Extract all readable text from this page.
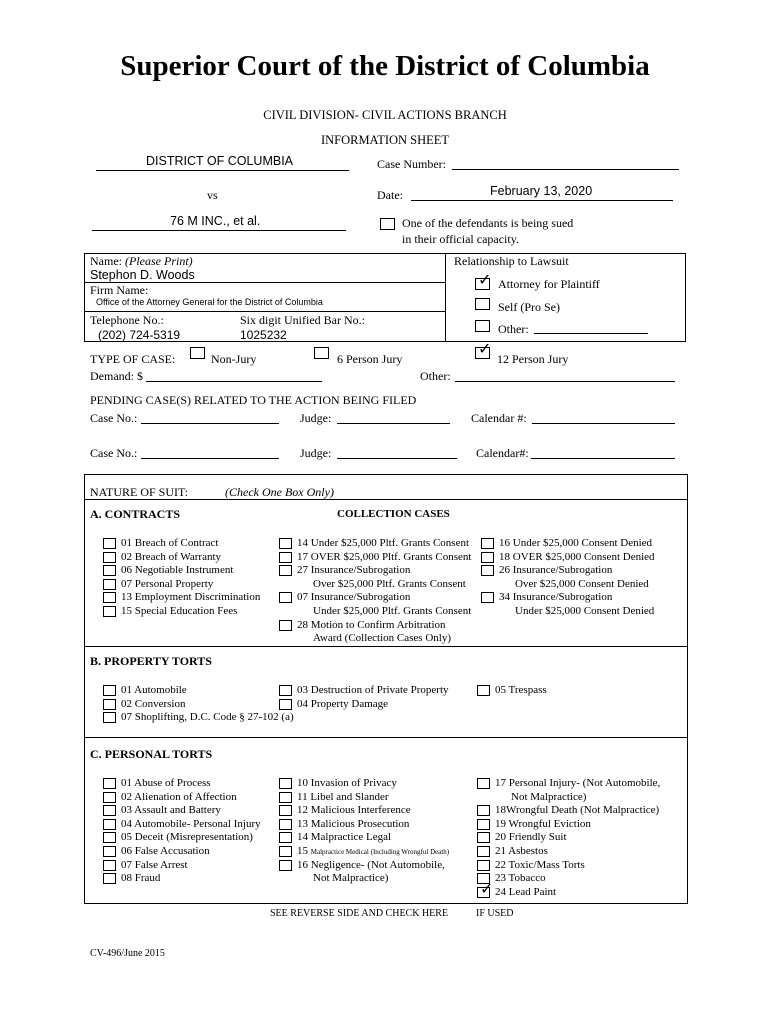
Superior Court of the District of Columbia
CIVIL DIVISION- CIVIL ACTIONS BRANCH
INFORMATION SHEET
DISTRICT OF COLUMBIA	Case Number:
vs	Date:	February 13, 2020
76 M INC., et al.	One of the defendants is being sued
in their official capacity.
Name: (Please Print)
Stephon D. Woods
Firm Name:
Office of the Attorney General for the District of Columbia
Telephone No.:
(202) 724-5319
Six digit Unified Bar No.:
1025232
Relationship to Lawsuit
✓ Attorney for Plaintiff
Self (Pro Se)
Other:
TYPE OF CASE:	Non-Jury	6 Person Jury
✓
12 Person Jury
Demand: $	Other:
PENDING CASE(S) RELATED TO THE ACTION BEING FILED
Case No.:	Judge:	Calendar #:
Case No.:	Judge:	Calendar#:
NATURE OF SUIT:	(Check One Box Only)
A. CONTRACTS	COLLECTION CASES
01 Breach of Contract
02 Breach of Warranty
06 Negotiable Instrument
07 Personal Property
13 Employment Discrimination
15 Special Education Fees
14 Under $25,000 Pltf. Grants Consent
17 OVER $25,000 Pltf. Grants Consent
27 Insurance/Subrogation
Over $25,000 Pltf. Grants Consent
07 Insurance/Subrogation
Under $25,000 Pltf. Grants Consent
28 Motion to Confirm Arbitration
Award (Collection Cases Only)
16 Under $25,000 Consent Denied
18 OVER $25,000 Consent Denied
26 Insurance/Subrogation
Over $25,000 Consent Denied
34 Insurance/Subrogation
Under $25,000 Consent Denied
B. PROPERTY TORTS
01 Automobile
02 Conversion
07 Shoplifting, D.C. Code § 27-102 (a)
03 Destruction of Private Property
04 Property Damage
05 Trespass
C. PERSONAL TORTS
01 Abuse of Process
02 Alienation of Affection
03 Assault and Battery
04 Automobile- Personal Injury
05 Deceit (Misrepresentation)
06 False Accusation
07 False Arrest
08 Fraud
10 Invasion of Privacy
11 Libel and Slander
12 Malicious Interference
13 Malicious Prosecution
14 Malpractice Legal
15 Malpractice Medical (Including Wrongful Death)
16 Negligence- (Not Automobile,
Not Malpractice)
17 Personal Injury- (Not Automobile,
Not Malpractice)
18Wrongful Death (Not Malpractice)
19 Wrongful Eviction
20 Friendly Suit
21 Asbestos
22 Toxic/Mass Torts
23 Tobacco
✓ 24 Lead Paint
SEE REVERSE SIDE AND CHECK HERE	IF USED
CV-496/June 2015
